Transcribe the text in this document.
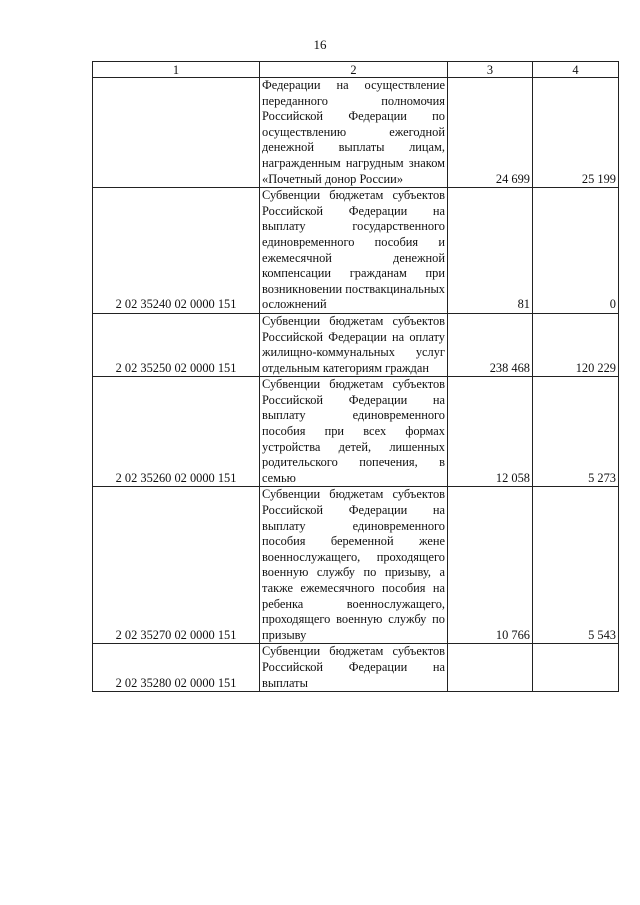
16
1	2	3	4
	Федерации на осуществление переданного полномочия Российской Федерации по осуществлению ежегодной денежной выплаты лицам, награжденным нагрудным знаком «Почетный донор России»	24 699	25 199
2 02 35240 02 0000 151	Субвенции бюджетам субъектов Российской Федерации на выплату государственного единовременного пособия и ежемесячной денежной компенсации гражданам при возникновении поствакцинальных осложнений	81	0
2 02 35250 02 0000 151	Субвенции бюджетам субъектов Российской Федерации на оплату жилищно-коммунальных услуг отдельным категориям граждан	238 468	120 229
2 02 35260 02 0000 151	Субвенции бюджетам субъектов Российской Федерации на выплату единовременного пособия при всех формах устройства детей, лишенных родительского попечения, в семью	12 058	5 273
2 02 35270 02 0000 151	Субвенции бюджетам субъектов Российской Федерации на выплату единовременного пособия беременной жене военнослужащего, проходящего военную службу по призыву, а также ежемесячного пособия на ребенка военнослужащего, проходящего военную службу по призыву	10 766	5 543
2 02 35280 02 0000 151	Субвенции бюджетам субъектов Российской Федерации на выплаты		
